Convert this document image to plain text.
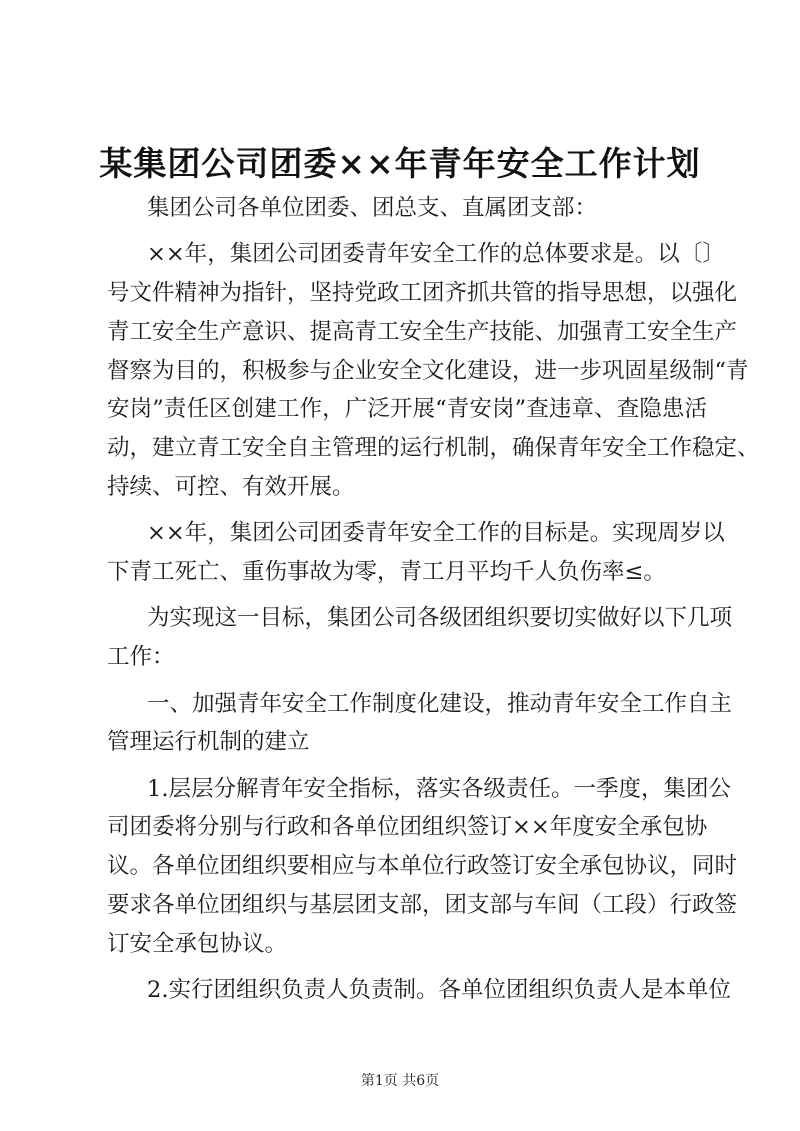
某集团公司团委××年青年安全工作计划
集团公司各单位团委、团总支、直属团支部：
××年，集团公司团委青年安全工作的总体要求是。以〔〕
号文件精神为指针，坚持党政工团齐抓共管的指导思想，以强化
青工安全生产意识、提高青工安全生产技能、加强青工安全生产
督察为目的，积极参与企业安全文化建设，进一步巩固星级制“青
安岗”责任区创建工作，广泛开展“青安岗”查违章、查隐患活
动，建立青工安全自主管理的运行机制，确保青年安全工作稳定、
持续、可控、有效开展。
××年，集团公司团委青年安全工作的目标是。实现周岁以
下青工死亡、重伤事故为零，青工月平均千人负伤率≤。
为实现这一目标，集团公司各级团组织要切实做好以下几项
工作：
一、加强青年安全工作制度化建设，推动青年安全工作自主
管理运行机制的建立
1.层层分解青年安全指标，落实各级责任。一季度，集团公
司团委将分别与行政和各单位团组织签订××年度安全承包协
议。各单位团组织要相应与本单位行政签订安全承包协议，同时
要求各单位团组织与基层团支部，团支部与车间（工段）行政签
订安全承包协议。
2.实行团组织负责人负责制。各单位团组织负责人是本单位
第1页 共6页
